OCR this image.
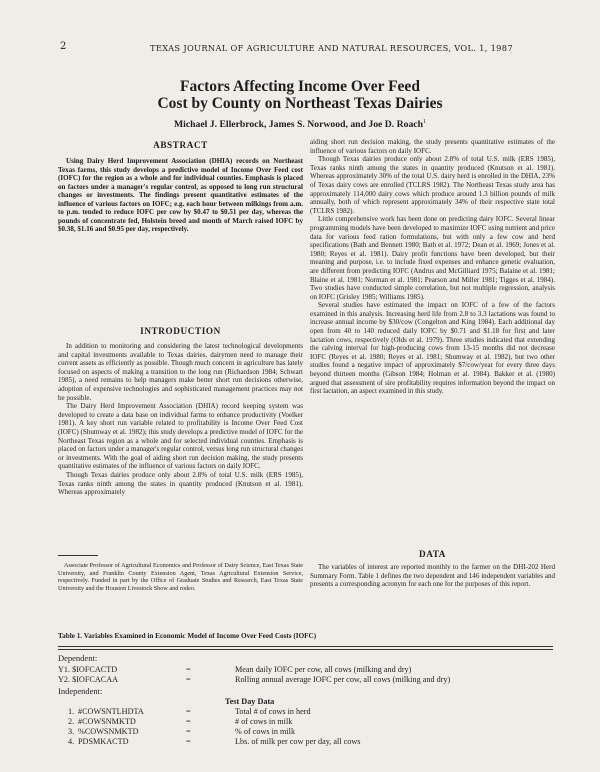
2	TEXAS JOURNAL OF AGRICULTURE AND NATURAL RESOURCES, VOL. 1, 1987
Factors Affecting Income Over Feed
Cost by County on Northeast Texas Dairies
Michael J. Ellerbrock, James S. Norwood, and Joe D. Roach$^1$
ABSTRACT

Using Dairy Herd Improvement Association (DHIA) records on Northeast Texas farms, this study develops a predictive model of Income Over Feed cost (IOFC) for the region as a whole and for individual counties. Emphasis is placed on factors under a manager's regular control, as opposed to long run structural changes or investments. The findings present quantitative estimates of the influence of various factors on IOFC; e.g. each hour between milkings from a.m. to p.m. tended to reduce IOFC per cow by $0.47 to $0.51 per day, whereas the pounds of concentrate fed, Holstein breed and month of March raised IOFC by $0.38, $1.16 and $0.95 per day, respectively.

INTRODUCTION

In addition to monitoring and considering the latest technological developments and capital investments available to Texas dairies, dairymen need to manage their current assets as efficiently as possible. Though much concern in agriculture has lately focused on aspects of making a transition to the long run (Richardson 1984; Schwart 1985), a need remains to help managers make better short run decisions otherwise, adoption of expensive technologies and sophisticated management practices may not be possible.

The Dairy Herd Improvement Association (DHIA) record keeping system was developed to create a data base on individual farms to enhance productivity (Voelker 1981). A key short run variable related to profitability is Income Over Feed Cost (IOFC) (Shumway et al. 1982); this study develops a predictive model of IOFC for the Northeast Texas region as a whole and for selected individual counties. Emphasis is placed on factors under a manager's regular control, versus long run structural changes or investments. With the goal of aiding short run decision making, the study presents quantitative estimates of the influence of various factors on daily IOFC.

Though Texas dairies produce only about 2.8% of total U.S. milk (ERS 1985), Texas ranks ninth among the states in quantity produced (Knutson et al. 1981). Whereas approximately

Associate Professor of Agricultural Economics and Professor of Dairy Science, East Texas State University, and Franklin County Extension Agent, Texas Agricultural Extension Service, respectively. Funded in part by the Office of Graduate Studies and Research, East Texas State University and the Houston Livestock Show and rodeo.

aiding short run decision making, the study presents quantitative estimates of the influence of various factors on daily IOFC.

Though Texas dairies produce only about 2.8% of total U.S. milk (ERS 1985), Texas ranks ninth among the states in quantity produced (Knutson et al. 1981). Whereas approximately 30% of the total U.S. dairy herd is enrolled in the DHIA, 23% of Texas dairy cows are enrolled (TCLRS 1982). The Northeast Texas study area has approximately 114,000 dairy cows which produce around 1.3 billion pounds of milk annually, both of which represent approximately 34% of their respective state total (TCLRS 1982).

Little comprehensive work has been done on predicting dairy IOFC. Several linear programming models have been developed to maximize IOFC using nutrient and price data for various feed ration formulations, but with only a few cow and herd specifications (Bath and Bennett 1980; Bath et al. 1972; Dean et al. 1969; Jones et al. 1980; Reyes et al. 1981). Dairy profit functions have been developed, but their meaning and purpose, i.e. to include fixed expenses and enhance genetic evaluation, are different from predicting IOFC (Andrus and McGilliard 1975; Balaine et al. 1981; Blaine et al. 1981; Norman et al. 1981; Pearson and Miller 1981; Tigges et al. 1984). Two studies have conducted simple correlation, but not multiple regression, analysis on IOFC (Grisley 1985; Williams 1985).

Several studies have estimated the impact on IOFC of a few of the factors examined in this analysis. Increasing herd life from 2.8 to 3.3 lactations was found to increase annual income by $30/cow (Congelton and King 1984). Each additional day open from 40 to 140 reduced daily IOFC by $0.71 and $1.18 for first and later lactation cows, respectively (Olds et al. 1979). Three studies indicated that extending the calving interval for high-producing cows from 13-15 months did not decrease IOFC (Reyes et al. 1980; Reyes et al. 1981; Shumway et al. 1982), but two other studies found a negative impact of approximately $7/cow/year for every three days beyond thirteen months (Gibson 1984; Holman et al. 1984). Bakker et al. (1980) argued that assessment of sire profitability requires information beyond the impact on first lactation, an aspect examined in this study.

DATA

The variables of interest are reported monthly to the farmer on the DHI-202 Herd Summary Form. Table 1 defines the two dependent and 146 independent variables and presents a corresponding acronym for each one for the purposes of this report.

Table 1. Variables Examined in Economic Model of Income Over Feed Costs (IOFC)
Dependent:
Y1. $IOFCACTD	=	Mean daily IOFC per cow, all cows (milking and dry)
Y2. $IOFCACAA	=	Rolling annual average IOFC per cow, all cows (milking and dry)
Independent:
Test Day Data
1. #COWSNTLHDTA	=	Total # of cows in herd
2. #COWSNMKTD	=	# of cows in milk
3. %COWSNMKTD	=	% of cows in milk
4. PDSMKACTD	=	Lbs. of milk per cow per day, all cows
